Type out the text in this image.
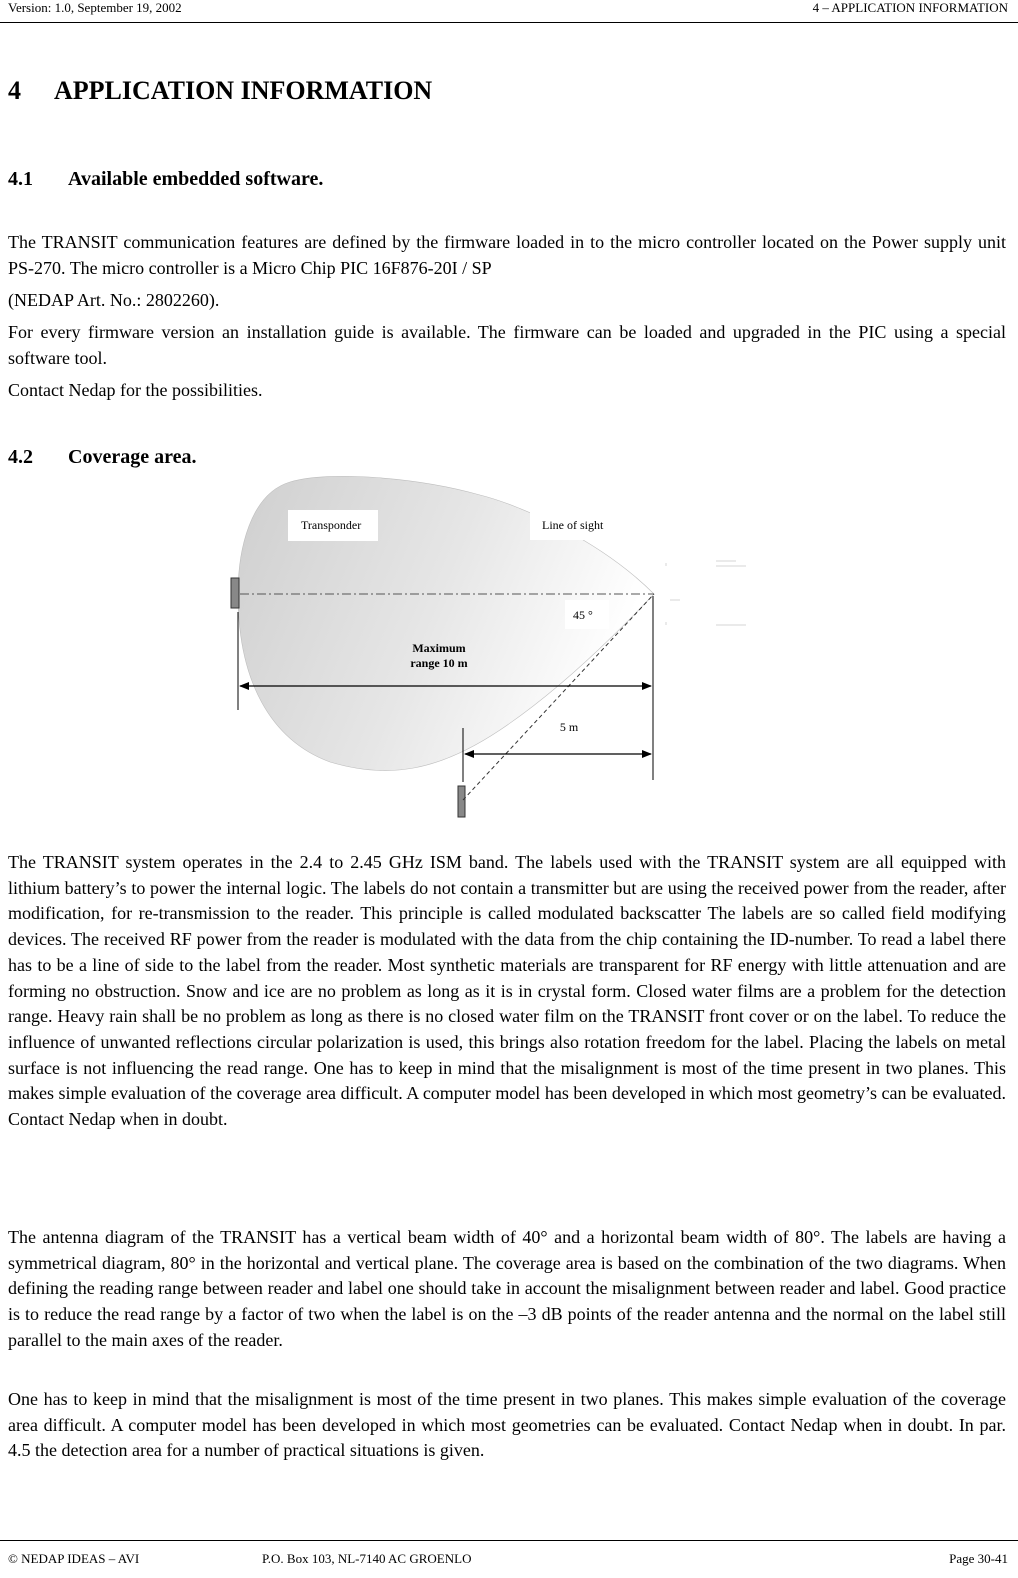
Version: 1.0, September 19, 2002	4 – APPLICATION INFORMATION
4 APPLICATION INFORMATION
4.1 Available embedded software.

The TRANSIT communication features are defined by the firmware loaded in to the micro controller located on the Power supply unit PS-270. The micro controller is a Micro Chip PIC 16F876-20I / SP

(NEDAP Art. No.: 2802260).

For every firmware version an installation guide is available. The firmware can be loaded and upgraded in the PIC using a special software tool.

Contact Nedap for the possibilities.

4.2 Coverage area.
Transponder	Line of sight
45 °
Maximum
range 10 m
5 m

The TRANSIT system operates in the 2.4 to 2.45 GHz ISM band. The labels used with the TRANSIT system are all equipped with lithium battery’s to power the internal logic. The labels do not contain a transmitter but are using the received power from the reader, after modification, for re-transmission to the reader. This principle is called modulated backscatter The labels are so called field modifying devices. The received RF power from the reader is modulated with the data from the chip containing the ID-number. To read a label there has to be a line of side to the label from the reader. Most synthetic materials are transparent for RF energy with little attenuation and are forming no obstruction. Snow and ice are no problem as long as it is in crystal form. Closed water films are a problem for the detection range. Heavy rain shall be no problem as long as there is no closed water film on the TRANSIT front cover or on the label. To reduce the influence of unwanted reflections circular polarization is used, this brings also rotation freedom for the label. Placing the labels on metal surface is not influencing the read range. One has to keep in mind that the misalignment is most of the time present in two planes. This makes simple evaluation of the coverage area difficult. A computer model has been developed in which most geometry’s can be evaluated. Contact Nedap when in doubt.

The antenna diagram of the TRANSIT has a vertical beam width of 40° and a horizontal beam width of 80°. The labels are having a symmetrical diagram, 80° in the horizontal and vertical plane. The coverage area is based on the combination of the two diagrams. When defining the reading range between reader and label one should take in account the misalignment between reader and label. Good practice is to reduce the read range by a factor of two when the label is on the –3 dB points of the reader antenna and the normal on the label still parallel to the main axes of the reader.

One has to keep in mind that the misalignment is most of the time present in two planes. This makes simple evaluation of the coverage area difficult. A computer model has been developed in which most geometries can be evaluated. Contact Nedap when in doubt. In par. 4.5 the detection area for a number of practical situations is given.

© NEDAP IDEAS – AVI	P.O. Box 103, NL-7140 AC GROENLO	Page 30-41
